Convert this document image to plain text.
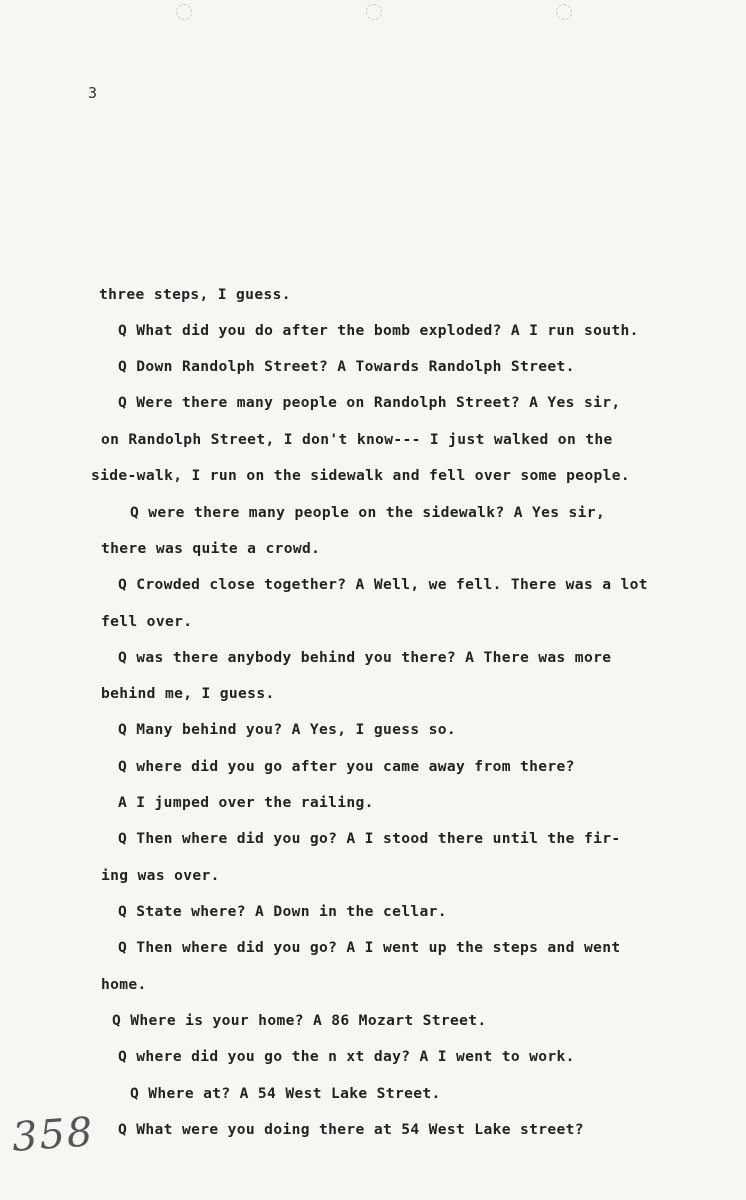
3
three steps, I guess.
Q What did you do after the bomb exploded? A I run south.
Q Down Randolph Street? A Towards Randolph Street.
Q Were there many people on Randolph Street? A Yes sir,
on Randolph Street, I don't know--- I just walked on the
side-walk, I run on the sidewalk and fell over some people.
Q were there many people on the sidewalk? A Yes sir,
there was quite a crowd.
Q Crowded close together? A Well, we fell. There was a lot
fell over.
Q was there anybody behind you there? A There was more
behind me, I guess.
Q Many behind you? A Yes, I guess so.
Q where did you go after you came away from there?
A I jumped over the railing.
Q Then where did you go? A I stood there until the fir-
ing was over.
Q State where? A Down in the cellar.
Q Then where did you go? A I went up the steps and went
home.
Q Where is your home? A 86 Mozart Street.
Q where did you go the n xt day? A I went to work.
Q Where at? A 54 West Lake Street.
Q What were you doing there at 54 West Lake street?
358
